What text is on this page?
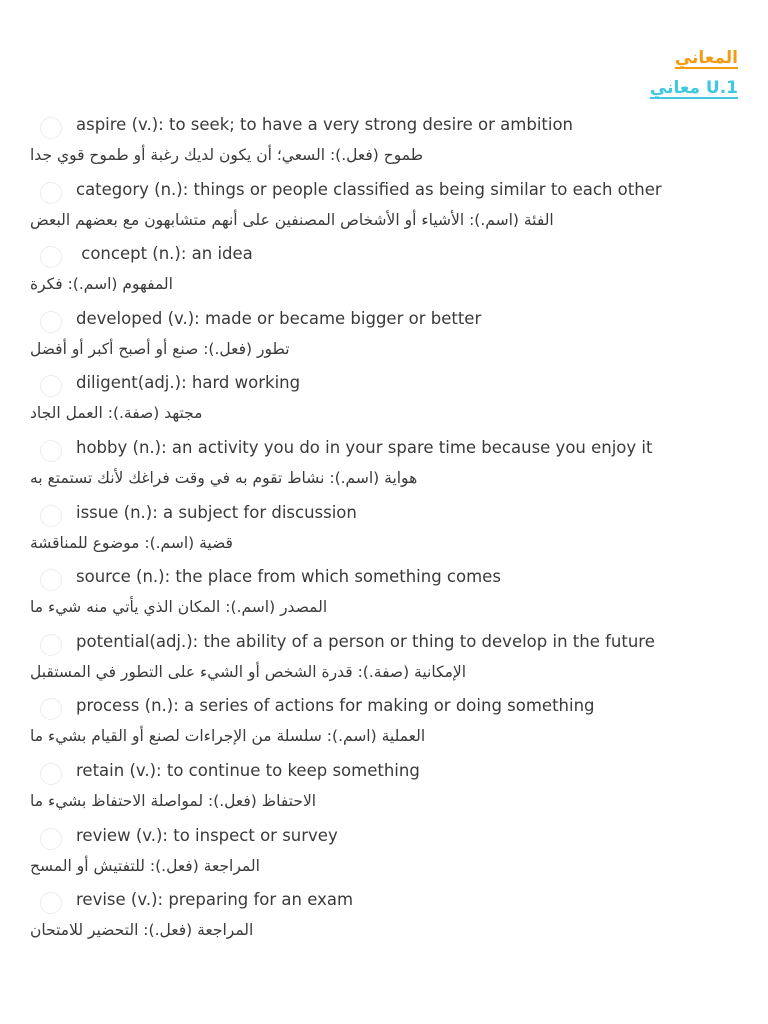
المعاني
معاني U.1
aspire (v.): to seek; to have a very strong desire or ambition
طموح (فعل.): السعي؛ أن يكون لديك رغبة أو طموح قوي جدا
category (n.): things or people classified as being similar to each other
الفئة (اسم.): الأشياء أو الأشخاص المصنفين على أنهم متشابهون مع بعضهم البعض
concept (n.): an idea
المفهوم (اسم.): فكرة
developed (v.): made or became bigger or better
تطور (فعل.): صنع أو أصبح أكبر أو أفضل
diligent(adj.): hard working
مجتهد (صفة.): العمل الجاد
hobby (n.): an activity you do in your spare time because you enjoy it
هواية (اسم.): نشاط تقوم به في وقت فراغك لأنك تستمتع به
issue (n.): a subject for discussion
قضية (اسم.): موضوع للمناقشة
source (n.): the place from which something comes
المصدر (اسم.): المكان الذي يأتي منه شيء ما
potential(adj.): the ability of a person or thing to develop in the future
الإمكانية (صفة.): قدرة الشخص أو الشيء على التطور في المستقبل
process (n.): a series of actions for making or doing something
العملية (اسم.): سلسلة من الإجراءات لصنع أو القيام بشيء ما
retain (v.): to continue to keep something
الاحتفاظ (فعل.): لمواصلة الاحتفاظ بشيء ما
review (v.): to inspect or survey
المراجعة (فعل.): للتفتيش أو المسح
revise (v.): preparing for an exam
المراجعة (فعل.): التحضير للامتحان
